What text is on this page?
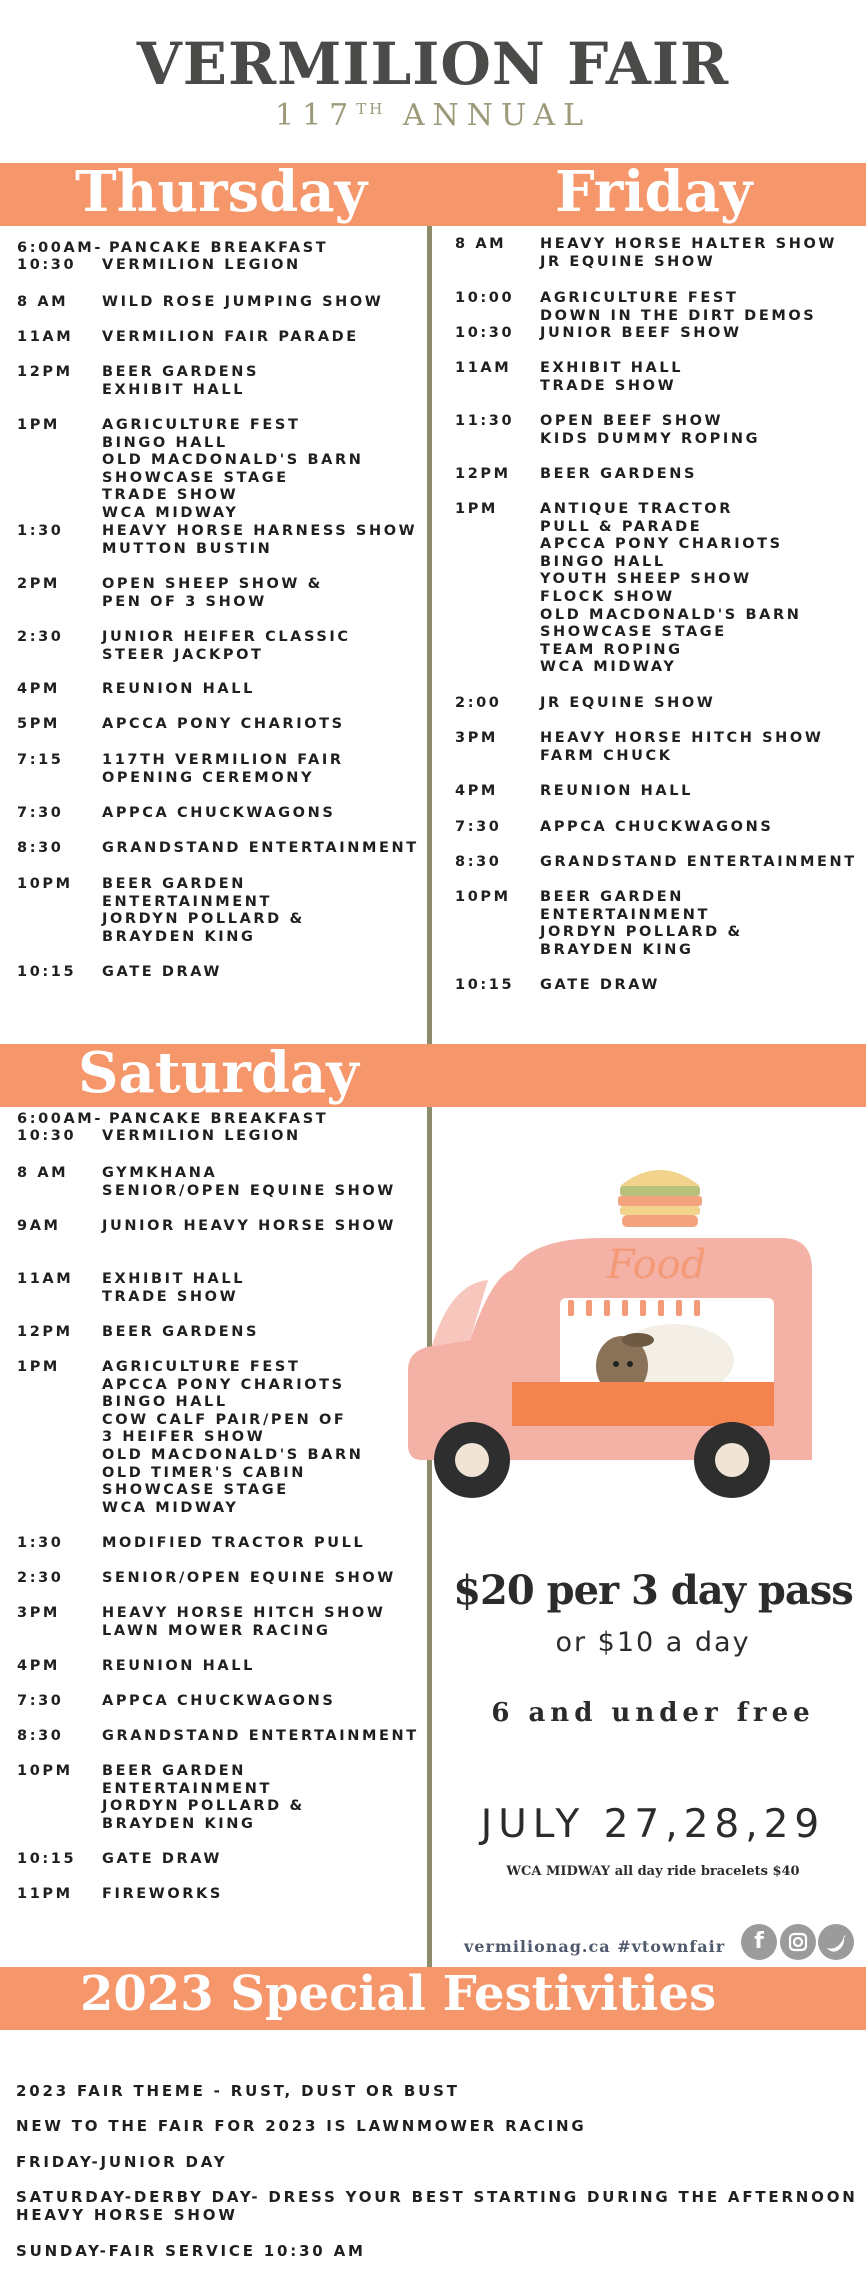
VERMILION FAIR
117TH ANNUAL
Thursday	Friday
6:00AM- PANCAKE BREAKFAST
10:30 VERMILION LEGION
8 AM WILD ROSE JUMPING SHOW
11AM VERMILION FAIR PARADE
12PM BEER GARDENS
EXHIBIT HALL
1PM	AGRICULTURE FEST
BINGO HALL
OLD MACDONALD'S BARN
SHOWCASE STAGE
TRADE SHOW
WCA MIDWAY
1:30	HEAVY HORSE HARNESS SHOW
MUTTON BUSTIN
2PM	OPEN SHEEP SHOW &
PEN OF 3 SHOW
2:30	JUNIOR HEIFER CLASSIC
STEER JACKPOT
4PM	REUNION HALL
5PM	APCCA PONY CHARIOTS
7:15	117TH VERMILION FAIR
OPENING CEREMONY
7:30	APPCA CHUCKWAGONS
8:30	GRANDSTAND ENTERTAINMENT
10PM BEER GARDEN
ENTERTAINMENT
JORDYN POLLARD &
BRAYDEN KING
10:15 GATE DRAW
8 AM HEAVY HORSE HALTER SHOW
JR EQUINE SHOW
10:00 AGRICULTURE FEST
DOWN IN THE DIRT DEMOS
10:30 JUNIOR BEEF SHOW
11AM EXHIBIT HALL
TRADE SHOW
11:30 OPEN BEEF SHOW
KIDS DUMMY ROPING
12PM BEER GARDENS
1PM	ANTIQUE TRACTOR
PULL & PARADE
APCCA PONY CHARIOTS
BINGO HALL
YOUTH SHEEP SHOW
FLOCK SHOW
OLD MACDONALD'S BARN
SHOWCASE STAGE
TEAM ROPING
WCA MIDWAY
2:00	JR EQUINE SHOW
3PM	HEAVY HORSE HITCH SHOW
FARM CHUCK
4PM	REUNION HALL
7:30	APPCA CHUCKWAGONS
8:30	GRANDSTAND ENTERTAINMENT
10PM BEER GARDEN
ENTERTAINMENT
JORDYN POLLARD &
BRAYDEN KING
10:15 GATE DRAW
Saturday
6:00AM- PANCAKE BREAKFAST
10:30 VERMILION LEGION
8 AM GYMKHANA
SENIOR/OPEN EQUINE SHOW
9AM	JUNIOR HEAVY HORSE SHOW
11AM EXHIBIT HALL
TRADE SHOW
12PM BEER GARDENS
1PM	AGRICULTURE FEST
APCCA PONY CHARIOTS
BINGO HALL
COW CALF PAIR/PEN OF
3 HEIFER SHOW
OLD MACDONALD'S BARN
OLD TIMER'S CABIN
SHOWCASE STAGE
WCA MIDWAY
1:30	MODIFIED TRACTOR PULL
2:30	SENIOR/OPEN EQUINE SHOW
3PM	HEAVY HORSE HITCH SHOW
LAWN MOWER RACING
4PM	REUNION HALL
7:30	APPCA CHUCKWAGONS
8:30	GRANDSTAND ENTERTAINMENT
10PM BEER GARDEN
ENTERTAINMENT
JORDYN POLLARD &
BRAYDEN KING
10:15 GATE DRAW
11PM FIREWORKS
Food
$20 per 3 day pass
or $10 a day
6 and under free
JULY 27,28,29
WCA MIDWAY all day ride bracelets $40
vermilionag.ca #vtownfair	f
2023 Special Festivities
2023 FAIR THEME - RUST, DUST OR BUST
NEW TO THE FAIR FOR 2023 IS LAWNMOWER RACING
FRIDAY-JUNIOR DAY
SATURDAY-DERBY DAY- DRESS YOUR BEST STARTING DURING THE AFTERNOON
HEAVY HORSE SHOW
SUNDAY-FAIR SERVICE 10:30 AM
